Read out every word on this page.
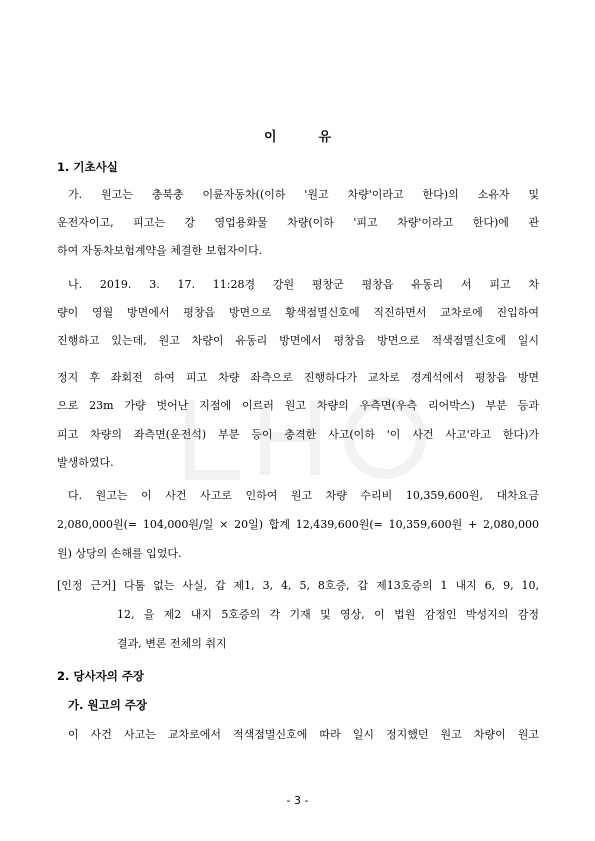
이	유
1. 기초사실
가. 원고는 충북충 이륜자동차((이하 '원고 차량'이라고 한다)의 소유자 및
운전자이고, 피고는 강 영업용화물 차량(이하 '피고 차량'이라고 한다)에 관
하여 자동차보험계약을 체결한 보험자이다.
나. 2019. 3. 17. 11:28경 강원 평창군 평창읍 유동리 서 피고 차
량이 영월 방면에서 평창읍 방면으로 황색점멸신호에 직진하면서 교차로에 진입하여
진행하고 있는데, 원고 차량이 유동리 방면에서 평창읍 방면으로 적색점멸신호에 일시
정지 후 좌회전 하여 피고 차량 좌측으로 진행하다가 교차로 경계석에서 평창읍 방면
으로 23m 가량 벗어난 지점에 이르러 원고 차량의 우측면(우측 리어박스) 부분 등과
피고 차량의 좌측면(운전석) 부분 등이 충격한 사고(이하 '이 사건 사고'라고 한다)가
발생하였다.
다. 원고는 이 사건 사고로 인하여 원고 차량 수리비 10,359,600원, 대차요금
2,080,000원(= 104,000원/일 × 20일) 합계 12,439,600원(= 10,359,600원 + 2,080,000
원) 상당의 손해를 입었다.
[인정 근거] 다툼 없는 사실, 갑 제1, 3, 4, 5, 8호증, 갑 제13호증의 1 내지 6, 9, 10,
12, 을 제2 내지 5호증의 각 기재 및 영상, 이 법원 감정인 박성지의 감정
결과, 변론 전체의 취지
2. 당사자의 주장
가. 원고의 주장
이 사건 사고는 교차로에서 적색점멸신호에 따라 일시 정지했던 원고 차량이 원고
- 3 -
